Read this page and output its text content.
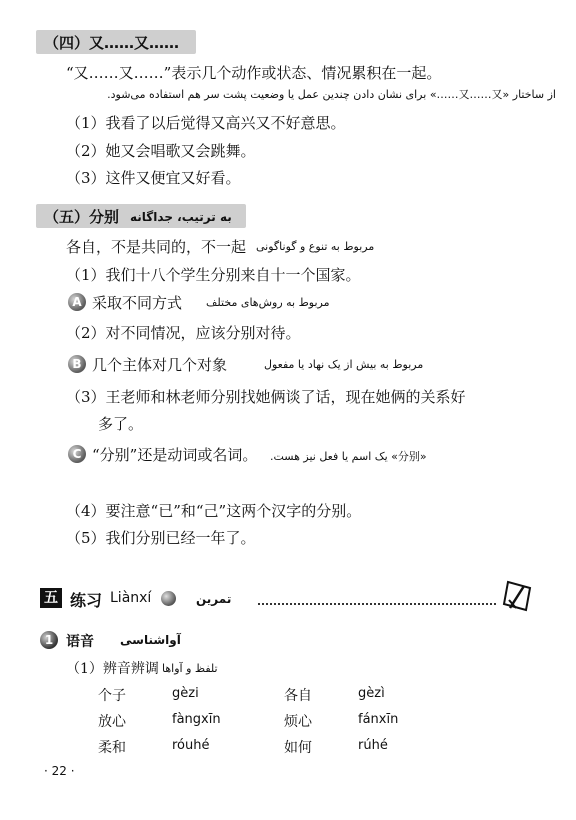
（四）又……又……
“又……又……”表示几个动作或状态、情况累积在一起。
از ساختار «又……又……» برای نشان دادن چندین عمل یا وضعیت پشت سر هم استفاده می‌شود.
（1）我看了以后觉得又高兴又不好意思。
（2）她又会唱歌又会跳舞。
（3）这件又便宜又好看。
（五）分别 به ترتیب، جداگانه
各自，不是共同的，不一起 مربوط به تنوع و گوناگونی
（1）我们十八个学生分别来自十一个国家。
A 采取不同方式 مربوط به روش‌های مختلف
（2）对不同情况，应该分别对待。
B 几个主体对几个对象	مربوط به بیش از یک نهاد یا مفعول
（3）王老师和林老师分别找她俩谈了话，现在她俩的关系好
多了。
C “分别”还是动词或名词。 «分别» یک اسم یا فعل نیز هست.
（4）要注意“已”和“己”这两个汉字的分别。
（5）我们分别已经一年了。
五 练习 Liànxí	تمرین
1 语音 آواشناسی
（1）辨音辨调 تلفظ و آواها
个子	gèzi	各自	gèzì
放心	fàngxīn	烦心	fánxīn
柔和	róuhé	如何	rúhé
· 22 ·
